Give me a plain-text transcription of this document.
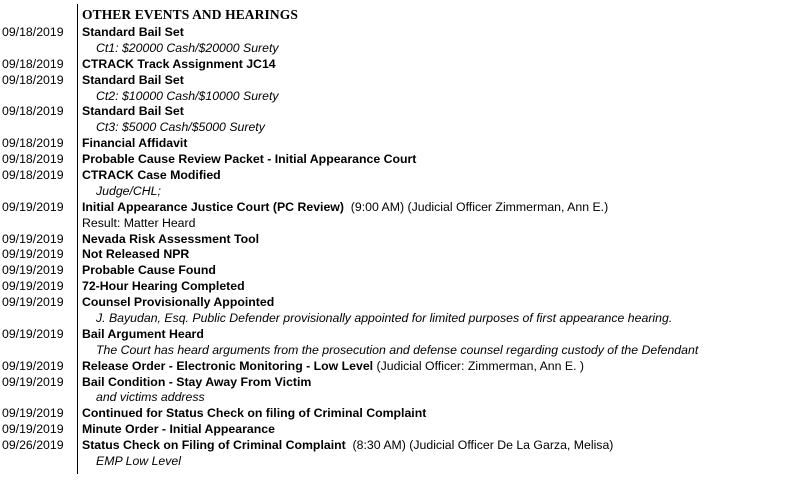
OTHER EVENTS AND HEARINGS
09/18/2019	Standard Bail Set
Ct1: $20000 Cash/$20000 Surety
09/18/2019	CTRACK Track Assignment JC14
09/18/2019	Standard Bail Set
Ct2: $10000 Cash/$10000 Surety
09/18/2019	Standard Bail Set
Ct3: $5000 Cash/$5000 Surety
09/18/2019	Financial Affidavit
09/18/2019	Probable Cause Review Packet - Initial Appearance Court
09/18/2019	CTRACK Case Modified
Judge/CHL;
09/19/2019	Initial Appearance Justice Court (PC Review)  (9:00 AM) (Judicial Officer Zimmerman, Ann E.)
Result: Matter Heard
09/19/2019	Nevada Risk Assessment Tool
09/19/2019	Not Released NPR
09/19/2019	Probable Cause Found
09/19/2019	72-Hour Hearing Completed
09/19/2019	Counsel Provisionally Appointed
J. Bayudan, Esq. Public Defender provisionally appointed for limited purposes of first appearance hearing.
09/19/2019	Bail Argument Heard
The Court has heard arguments from the prosecution and defense counsel regarding custody of the Defendant
09/19/2019	Release Order - Electronic Monitoring - Low Level (Judicial Officer: Zimmerman, Ann E. )
09/19/2019	Bail Condition - Stay Away From Victim
and victims address
09/19/2019	Continued for Status Check on filing of Criminal Complaint
09/19/2019	Minute Order - Initial Appearance
09/26/2019	Status Check on Filing of Criminal Complaint  (8:30 AM) (Judicial Officer De La Garza, Melisa)
EMP Low Level
